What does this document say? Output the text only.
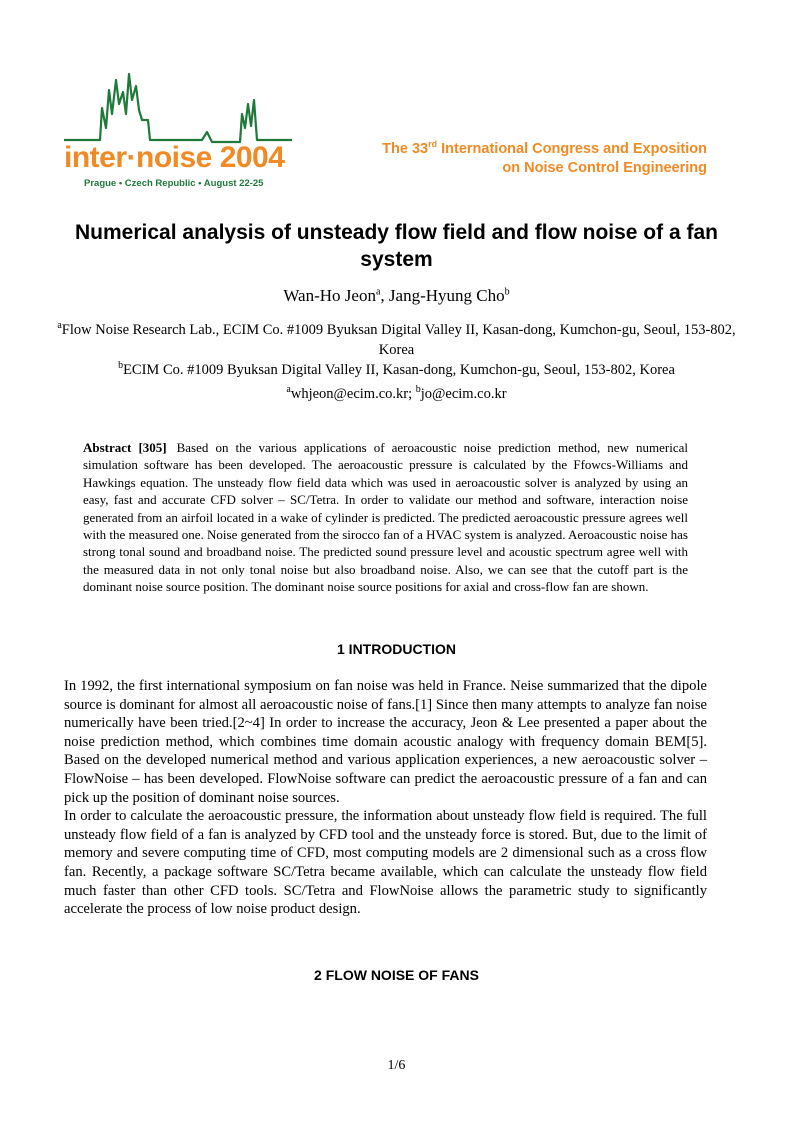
inter·noise 2004
Prague • Czech Republic • August 22-25
The 33rd International Congress and Exposition
on Noise Control Engineering
Numerical analysis of unsteady flow field and flow noise of a fan system
Wan-Ho Jeon$^a$, Jang-Hyung Cho$^b$
$^a$Flow Noise Research Lab., ECIM Co. #1009 Byuksan Digital Valley II, Kasan-dong, Kumchon-gu, Seoul, 153-802, Korea
$^b$ECIM Co. #1009 Byuksan Digital Valley II, Kasan-dong, Kumchon-gu, Seoul, 153-802, Korea
$^a$whjeon@ecim.co.kr; $^b$jo@ecim.co.kr
Abstract [305] Based on the various applications of aeroacoustic noise prediction method, new numerical simulation software has been developed. The aeroacoustic pressure is calculated by the Ffowcs-Williams and Hawkings equation. The unsteady flow field data which was used in aeroacoustic solver is analyzed by using an easy, fast and accurate CFD solver – SC/Tetra. In order to validate our method and software, interaction noise generated from an airfoil located in a wake of cylinder is predicted. The predicted aeroacoustic pressure agrees well with the measured one. Noise generated from the sirocco fan of a HVAC system is analyzed. Aeroacoustic noise has strong tonal sound and broadband noise. The predicted sound pressure level and acoustic spectrum agree well with the measured data in not only tonal noise but also broadband noise. Also, we can see that the cutoff part is the dominant noise source position. The dominant noise source positions for axial and cross-flow fan are shown.
1 INTRODUCTION

In 1992, the first international symposium on fan noise was held in France. Neise summarized that the dipole source is dominant for almost all aeroacoustic noise of fans.[1] Since then many attempts to analyze fan noise numerically have been tried.[2~4] In order to increase the accuracy, Jeon & Lee presented a paper about the noise prediction method, which combines time domain acoustic analogy with frequency domain BEM[5]. Based on the developed numerical method and various application experiences, a new aeroacoustic solver – FlowNoise – has been developed. FlowNoise software can predict the aeroacoustic pressure of a fan and can pick up the position of dominant noise sources.

In order to calculate the aeroacoustic pressure, the information about unsteady flow field is required. The full unsteady flow field of a fan is analyzed by CFD tool and the unsteady force is stored. But, due to the limit of memory and severe computing time of CFD, most computing models are 2 dimensional such as a cross flow fan. Recently, a package software SC/Tetra became available, which can calculate the unsteady flow field much faster than other CFD tools. SC/Tetra and FlowNoise allows the parametric study to significantly accelerate the process of low noise product design.

2 FLOW NOISE OF FANS
1/6
